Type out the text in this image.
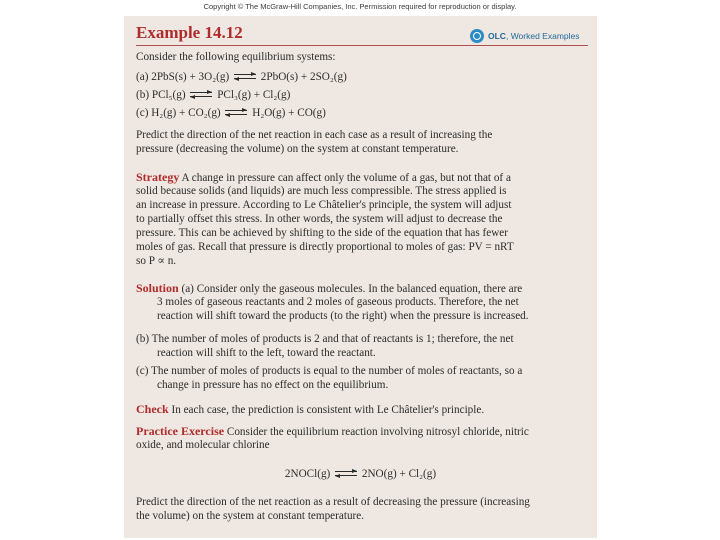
Copyright © The McGraw-Hill Companies, Inc. Permission required for reproduction or display.
Example 14.12	OLC, Worked Examples
Consider the following equilibrium systems:
(a) 2PbS(s) + 3O₂(g)	2PbO(s) + 2SO₂(g)
(b) PCl₅(g)	PCl₃(g) + Cl₂(g)
(c) H₂(g) + CO₂(g)	H₂O(g) + CO(g)
Predict the direction of the net reaction in each case as a result of increasing the
pressure (decreasing the volume) on the system at constant temperature.
Strategy A change in pressure can affect only the volume of a gas, but not that of a
solid because solids (and liquids) are much less compressible. The stress applied is
an increase in pressure. According to Le Châtelier's principle, the system will adjust
to partially offset this stress. In other words, the system will adjust to decrease the
pressure. This can be achieved by shifting to the side of the equation that has fewer
moles of gas. Recall that pressure is directly proportional to moles of gas: PV = nRT
so P ∝ n.
Solution (a) Consider only the gaseous molecules. In the balanced equation, there are
3 moles of gaseous reactants and 2 moles of gaseous products. Therefore, the net
reaction will shift toward the products (to the right) when the pressure is increased.
(b) The number of moles of products is 2 and that of reactants is 1; therefore, the net
reaction will shift to the left, toward the reactant.
(c) The number of moles of products is equal to the number of moles of reactants, so a
change in pressure has no effect on the equilibrium.
Check In each case, the prediction is consistent with Le Châtelier's principle.
Practice Exercise Consider the equilibrium reaction involving nitrosyl chloride, nitric
oxide, and molecular chlorine
2NOCl(g)	2NO(g) + Cl₂(g)
Predict the direction of the net reaction as a result of decreasing the pressure (increasing
the volume) on the system at constant temperature.
